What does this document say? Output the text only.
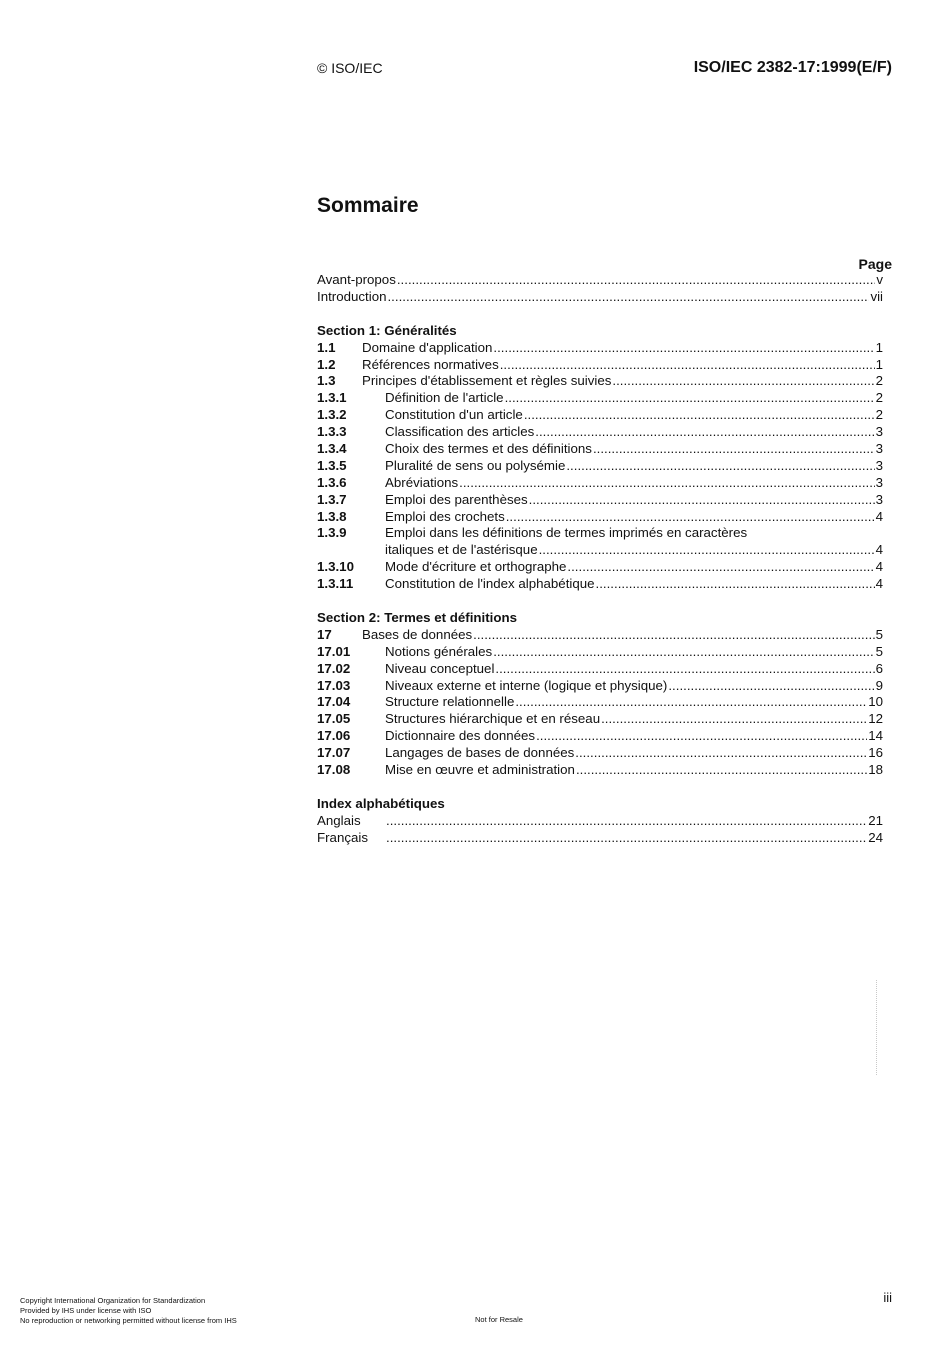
© ISO/IEC	ISO/IEC 2382-17:1999(E/F)
Sommaire
Page
Avant-propos .....	v
Introduction .....	vii
Section 1: Généralités
1.1	Domaine d'application .....	1
1.2	Références normatives .....	1
1.3	Principes d'établissement et règles suivies .....	2
1.3.1	Définition de l'article .....	2
1.3.2	Constitution d'un article .....	2
1.3.3	Classification des articles .....	3
1.3.4	Choix des termes et des définitions .....	3
1.3.5	Pluralité de sens ou polysémie .....	3
1.3.6	Abréviations .....	3
1.3.7	Emploi des parenthèses .....	3
1.3.8	Emploi des crochets .....	4
1.3.9	Emploi dans les définitions de termes imprimés en caractères
italiques et de l'astérisque .....	4
1.3.10	Mode d'écriture et orthographe .....	4
1.3.11	Constitution de l'index alphabétique .....	4
Section 2: Termes et définitions
17	Bases de données .....	5
17.01	Notions générales .....	5
17.02	Niveau conceptuel .....	6
17.03	Niveaux externe et interne (logique et physique) .....	9
17.04	Structure relationnelle .....	10
17.05	Structures hiérarchique et en réseau .....	12
17.06	Dictionnaire des données .....	14
17.07	Langages de bases de données .....	16
17.08	Mise en œuvre et administration .....	18
Index alphabétiques
Anglais .....	21
Français .....	24
iii
Copyright International Organization for Standardization
Provided by IHS under license with ISO
No reproduction or networking permitted without license from IHS	Not for Resale
